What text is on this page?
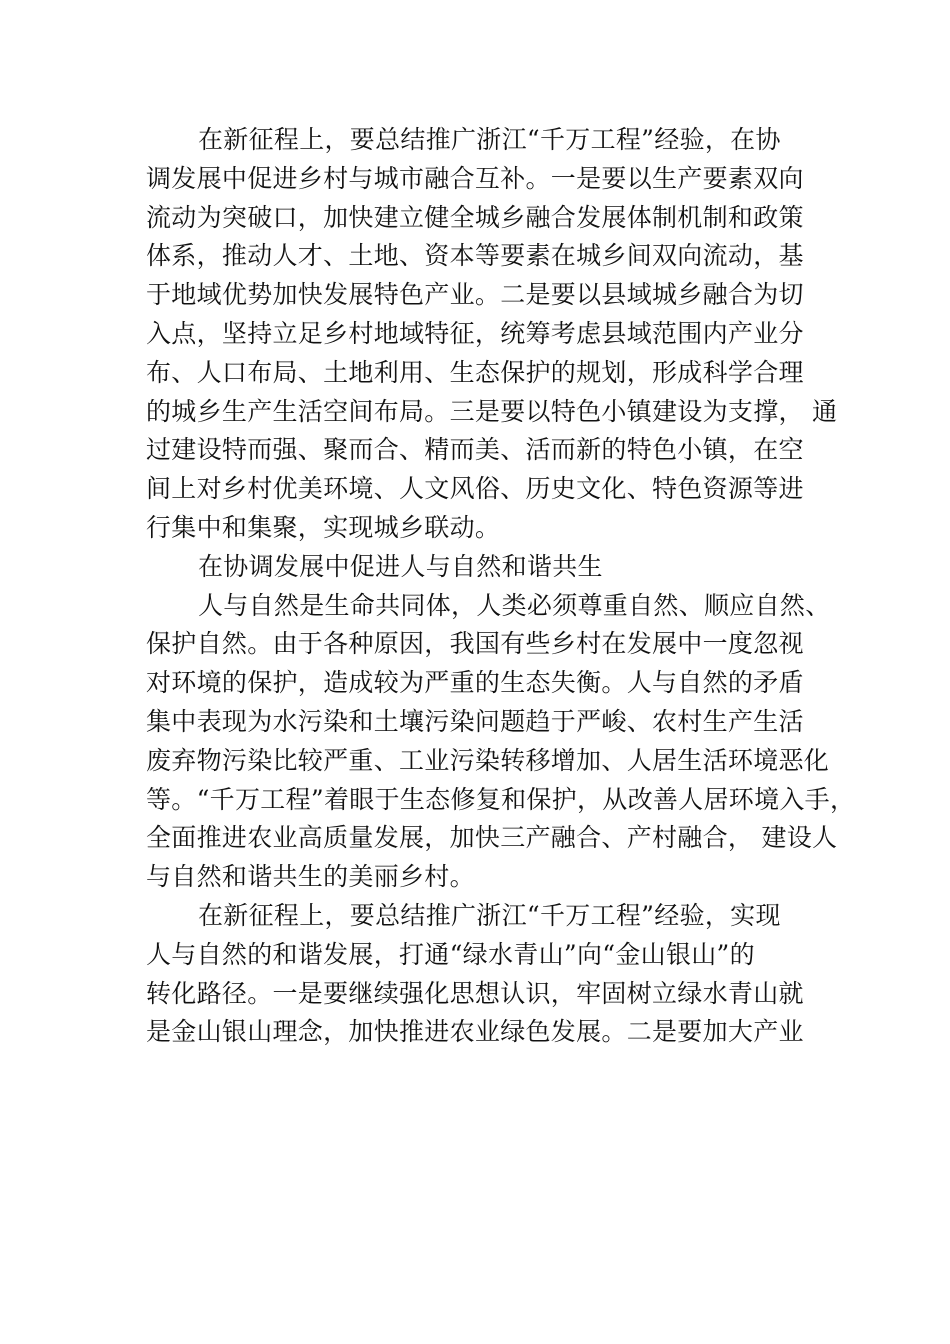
在新征程上，要总结推广浙江“千万工程”经验，在协
调发展中促进乡村与城市融合互补。一是要以生产要素双向
流动为突破口，加快建立健全城乡融合发展体制机制和政策
体系，推动人才、土地、资本等要素在城乡间双向流动，基
于地域优势加快发展特色产业。二是要以县域城乡融合为切
入点，坚持立足乡村地域特征，统筹考虑县域范围内产业分
布、人口布局、土地利用、生态保护的规划，形成科学合理
的城乡生产生活空间布局。三是要以特色小镇建设为支撑， 通
过建设特而强、聚而合、精而美、活而新的特色小镇，在空
间上对乡村优美环境、人文风俗、历史文化、特色资源等进
行集中和集聚，实现城乡联动。
在协调发展中促进人与自然和谐共生
人与自然是生命共同体，人类必须尊重自然、顺应自然、
保护自然。由于各种原因，我国有些乡村在发展中一度忽视
对环境的保护，造成较为严重的生态失衡。人与自然的矛盾
集中表现为水污染和土壤污染问题趋于严峻、农村生产生活
废弃物污染比较严重、工业污染转移增加、人居生活环境恶化
等。“千万工程”着眼于生态修复和保护，从改善人居环境入手，
全面推进农业高质量发展，加快三产融合、产村融合， 建设人
与自然和谐共生的美丽乡村。
在新征程上，要总结推广浙江“千万工程”经验，实现
人与自然的和谐发展，打通“绿水青山”向“金山银山”的
转化路径。一是要继续强化思想认识，牢固树立绿水青山就
是金山银山理念，加快推进农业绿色发展。二是要加大产业
